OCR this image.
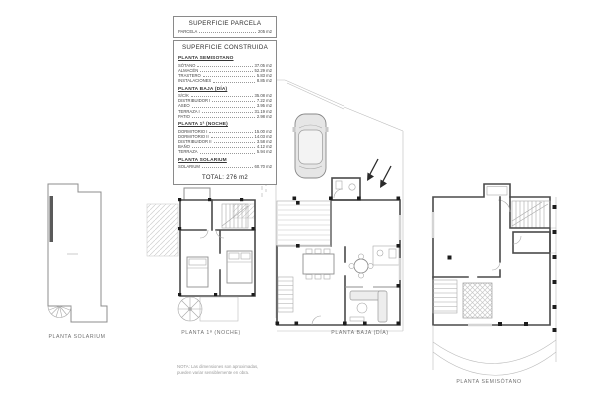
SUPERFICIE PARCELA
PARCELA	205 m2
SUPERFICIE CONSTRUIDA
PLANTA SEMISOTANO
SÓTANO	37.05 m2
ALMACÉN	52.29 m2
TRASTERO	5.83 m2
INSTALACIONES	8.85 m2
PLANTA BAJA (DÍA)
S/C/K	35.08 m2
DISTRIBUIDOR I	7.22 m2
ASEO	3.95 m2
TERRAZA I	31.19 m2
PATIO	2.98 m2
PLANTA 1ª (NOCHE)
DORMITORIO I	15.00 m2
DORMITORIO II	14.03 m2
DISTRIBUIDOR II	3.58 m2
BAÑO	4.12 m2
TERRAZA	5.94 m2
PLANTA SOLARIUM
SOLARIUM	60.70 m2
TOTAL: 276 m2
PLANTA SOLARIUM
PLANTA 1ª (NOCHE)	PLANTA BAJA (DÍA)
PLANTA SEMISÓTANO
NOTA: Las dimensiones son aproximadas, pueden variar sensiblemente en obra.
